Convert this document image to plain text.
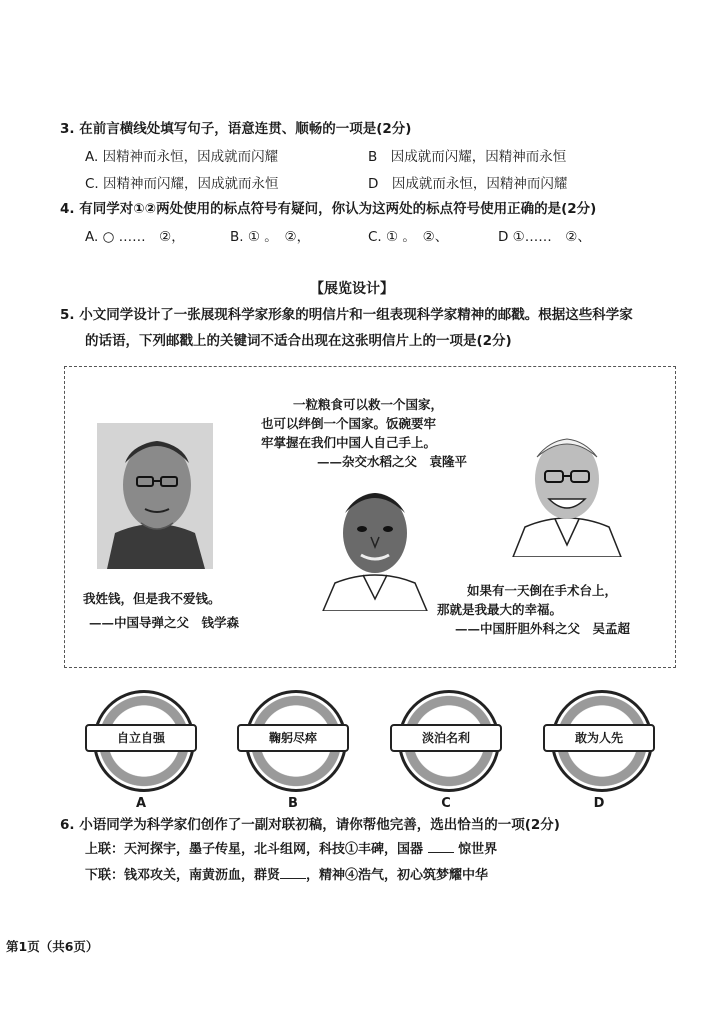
3. 在前言横线处填写句子，语意连贯、顺畅的一项是(2分)
A. 因精神而永恒，因成就而闪耀	B　因成就而闪耀，因精神而永恒
C. 因精神而闪耀，因成就而永恒	D　因成就而永恒，因精神而闪耀
4. 有同学对①②两处使用的标点符号有疑问，你认为这两处的标点符号使用正确的是(2分)
A. ○ ……　②，	B. ① 。　②，	C. ① 。　②、	D ①……　②、
【展览设计】
5. 小文同学设计了一张展现科学家形象的明信片和一组表现科学家精神的邮戳。根据这些科学家
的话语，下列邮戳上的关键词不适合出现在这张明信片上的一项是(2分)
一粒粮食可以救一个国家，
也可以绊倒一个国家。饭碗要牢
牢掌握在我们中国人自己手上。
——杂交水稻之父　袁隆平
我姓钱，但是我不爱钱。
——中国导弹之父　钱学森
如果有一天倒在手术台上，
那就是我最大的幸福。
——中国肝胆外科之父　吴孟超
自立自强
A
鞠躬尽瘁
B
淡泊名利
C
敢为人先
D
6. 小语同学为科学家们创作了一副对联初稿，请你帮他完善，选出恰当的一项(2分)
上联：天河探宇，墨子传星，北斗组网，科技①丰碑，国器	惊世界
下联：钱邓攻关，南黄沥血，群贤 ，精神④浩气，初心筑梦耀中华
第1页（共6页）
